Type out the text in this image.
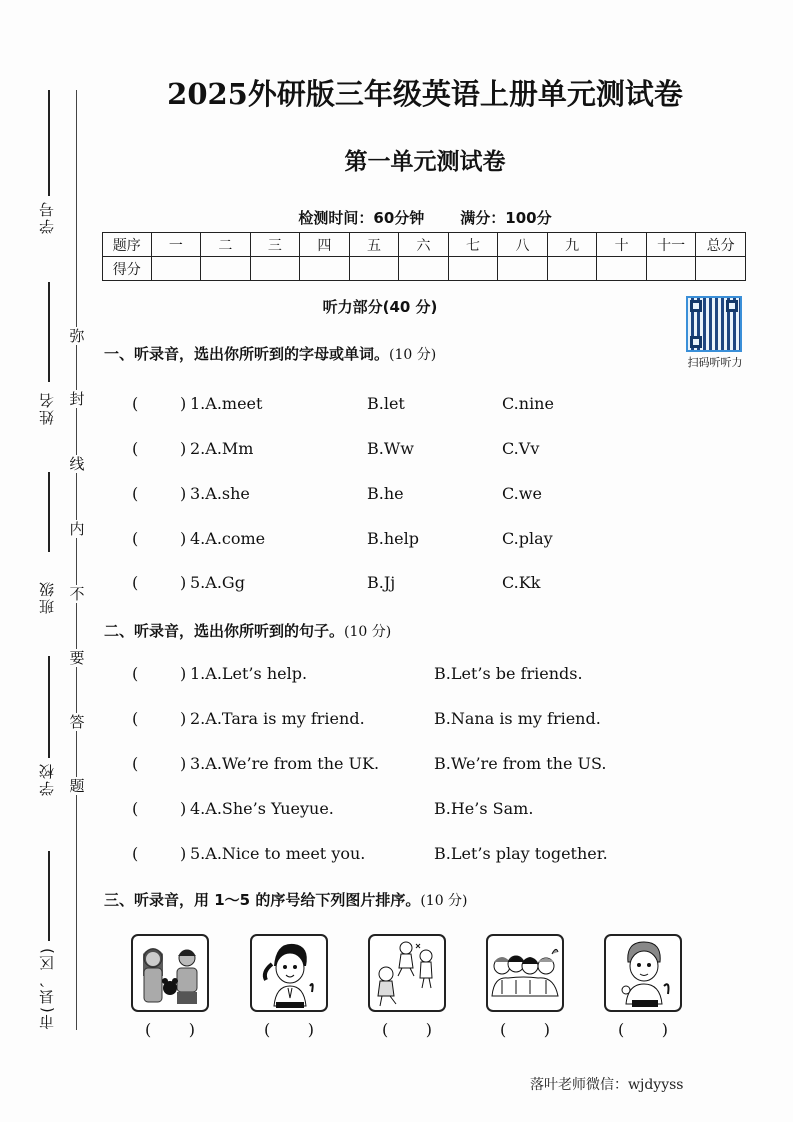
学号
姓名
班级
学校
市(县、区)
弥
封
线
内
不
要
答
题
2025外研版三年级英语上册单元测试卷
第一单元测试卷
检测时间：60分钟 满分：100分
题序	一	二	三	四	五	六	七	八	九	十	十一	总分
得分												
听力部分(40 分)
扫码听听力
一、听录音，选出你所听到的字母或单词。(10 分)
(	) 1.A.meet	B.let	C.nine
(	) 2.A.Mm	B.Ww	C.Vv
(	) 3.A.she	B.he	C.we
(	) 4.A.come	B.help	C.play
(	) 5.A.Gg	B.Jj	C.Kk
二、听录音，选出你所听到的句子。(10 分)
(	) 1.A.Let’s help.	B.Let’s be friends.
(	) 2.A.Tara is my friend.	B.Nana is my friend.
(	) 3.A.We’re from the UK.	B.We’re from the US.
(	) 4.A.She’s Yueyue.	B.He’s Sam.
(	) 5.A.Nice to meet you.	B.Let’s play together.
三、听录音，用 1～5 的序号给下列图片排序。(10 分)
( )	( )	( )	( )	( )
落叶老师微信：wjdyyss
